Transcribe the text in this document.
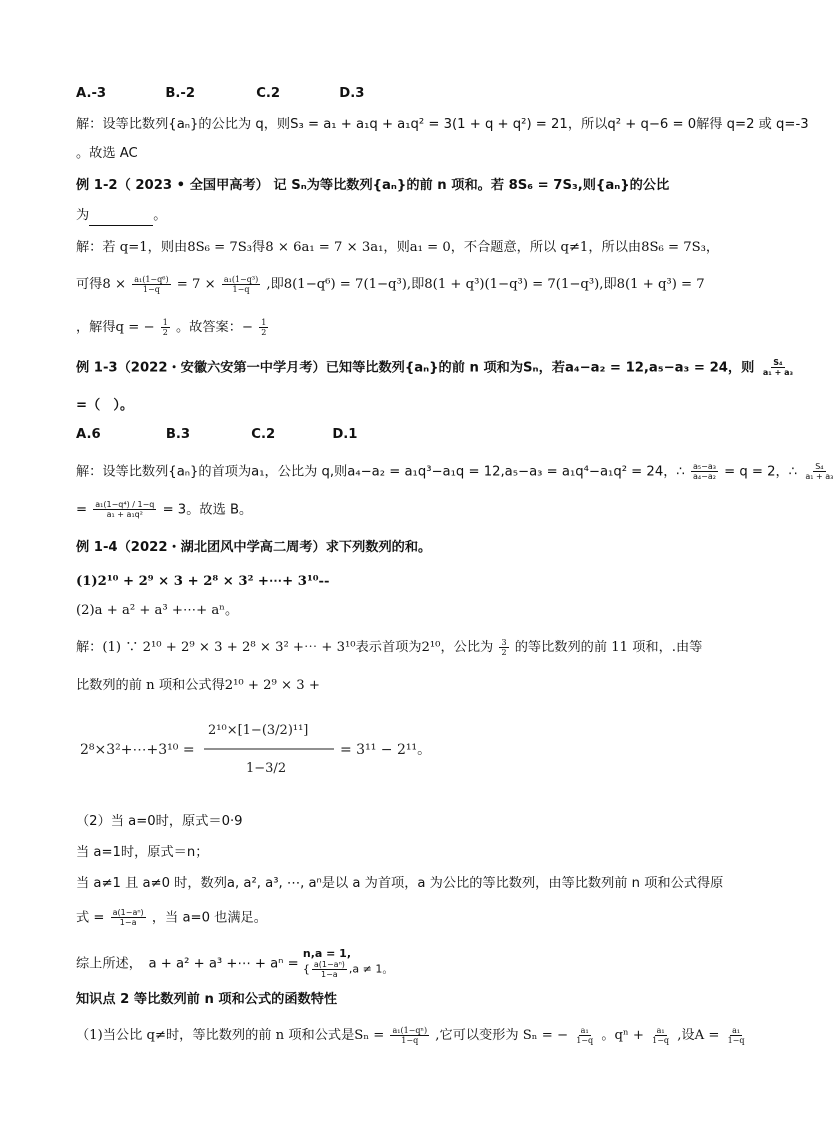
A.-3	B.-2	C.2	D.3
解：设等比数列{aₙ}的公比为 q，则S₃ = a₁ + a₁q + a₁q² = 3(1 + q + q²) = 21，所以q² + q−6 = 0解得 q=2 或 q=-3
。故选 AC
例 1-2（ 2023 • 全国甲高考） 记 Sₙ为等比数列{aₙ}的前 n 项和。若 8S₆ = 7S₃,则{aₙ}的公比
为	。
解：若 q=1，则由8S₆ = 7S₃得8 × 6a₁ = 7 × 3a₁，则a₁ = 0，不合题意，所以 q≠1，所以由8S₆ = 7S₃，
可得$8 \times \frac{\text{a₁(1−q⁶)}}{1-q} = 7 \times \frac{\text{a₁(1−q³)}}{1-q}$ ,即8(1−q⁶) = 7(1−q³),即8(1 + q³)(1−q³) = 7(1−q³),即8(1 + q³) = 7
，解得q = − $\frac{1}{2}$ 。故答案：− $\frac{1}{2}$
例 1-3（2022・安徽六安第一中学月考）已知等比数列{aₙ}的前 n 项和为Sₙ，若a₄−a₂ = 12,a₅−a₃ = 24，则 $\frac{\text{S₄}}{\text{a₁ + a₃}}$
=（　）。
A.6	B.3	C.2	D.1
解：设等比数列{aₙ}的首项为a₁，公比为 q,则a₄−a₂ = a₁q³−a₁q = 12,a₅−a₃ = a₁q⁴−a₁q² = 24，∴ $\frac{\text{a₅−a₃}}{\text{a₄−a₂}} = q = 2$，∴ $\frac{\text{S₄}}{\text{a₁ + a₃}}$
= $\frac{\text{a₁(1−q⁴) / 1−q}}{\text{a₁ + a₁q²}} = 3$。故选 B。
例 1-4（2022・湖北团风中学高二周考）求下列数列的和。
(1)2¹⁰ + 2⁹ × 3 + 2⁸ × 3² +⋯+ 3¹⁰--
(2)a + a² + a³ +⋯+ aⁿ。
解：(1) ∵ 2¹⁰ + 2⁹ × 3 + 2⁸ × 3² +⋯ + 3¹⁰表示首项为2¹⁰，公比为 $\frac{3}{2}$ 的等比数列的前 11 项和，.由等
比数列的前 n 项和公式得2¹⁰ + 2⁹ × 3 +
2⁸×3²+⋯+3¹⁰ =
2¹⁰×[1−(3/2)¹¹]
1−3/2
= 3¹¹ − 2¹¹。
（2）当 a=0时，原式＝0·9
当 a=1时，原式＝n；
当 a≠1 且 a≠0 时，数列a, a², a³, ⋯, aⁿ是以 a 为首项，a 为公比的等比数列，由等比数列前 n 项和公式得原
式 = $\frac{\text{a(1−aⁿ)}}{1-a}$ ，当 a=0 也满足。
综上所述，　a + a² + a³ +⋯ + aⁿ =
n,a = 1,
{ $\frac{\text{a(1−aⁿ)}}{1-a} ,a \ne 1$。
知识点 2 等比数列前 n 项和公式的函数特性
（1)当公比 q≠时，等比数列的前 n 项和公式是$S_n = \frac{\text{a₁(1−qⁿ)}}{1-q}$ ,它可以变形为 Sₙ = − $\frac{\text{a₁}}{1-q}$ 。$q^n + \frac{\text{a₁}}{1-q}$ ,设$A = \frac{\text{a₁}}{1-q}$
